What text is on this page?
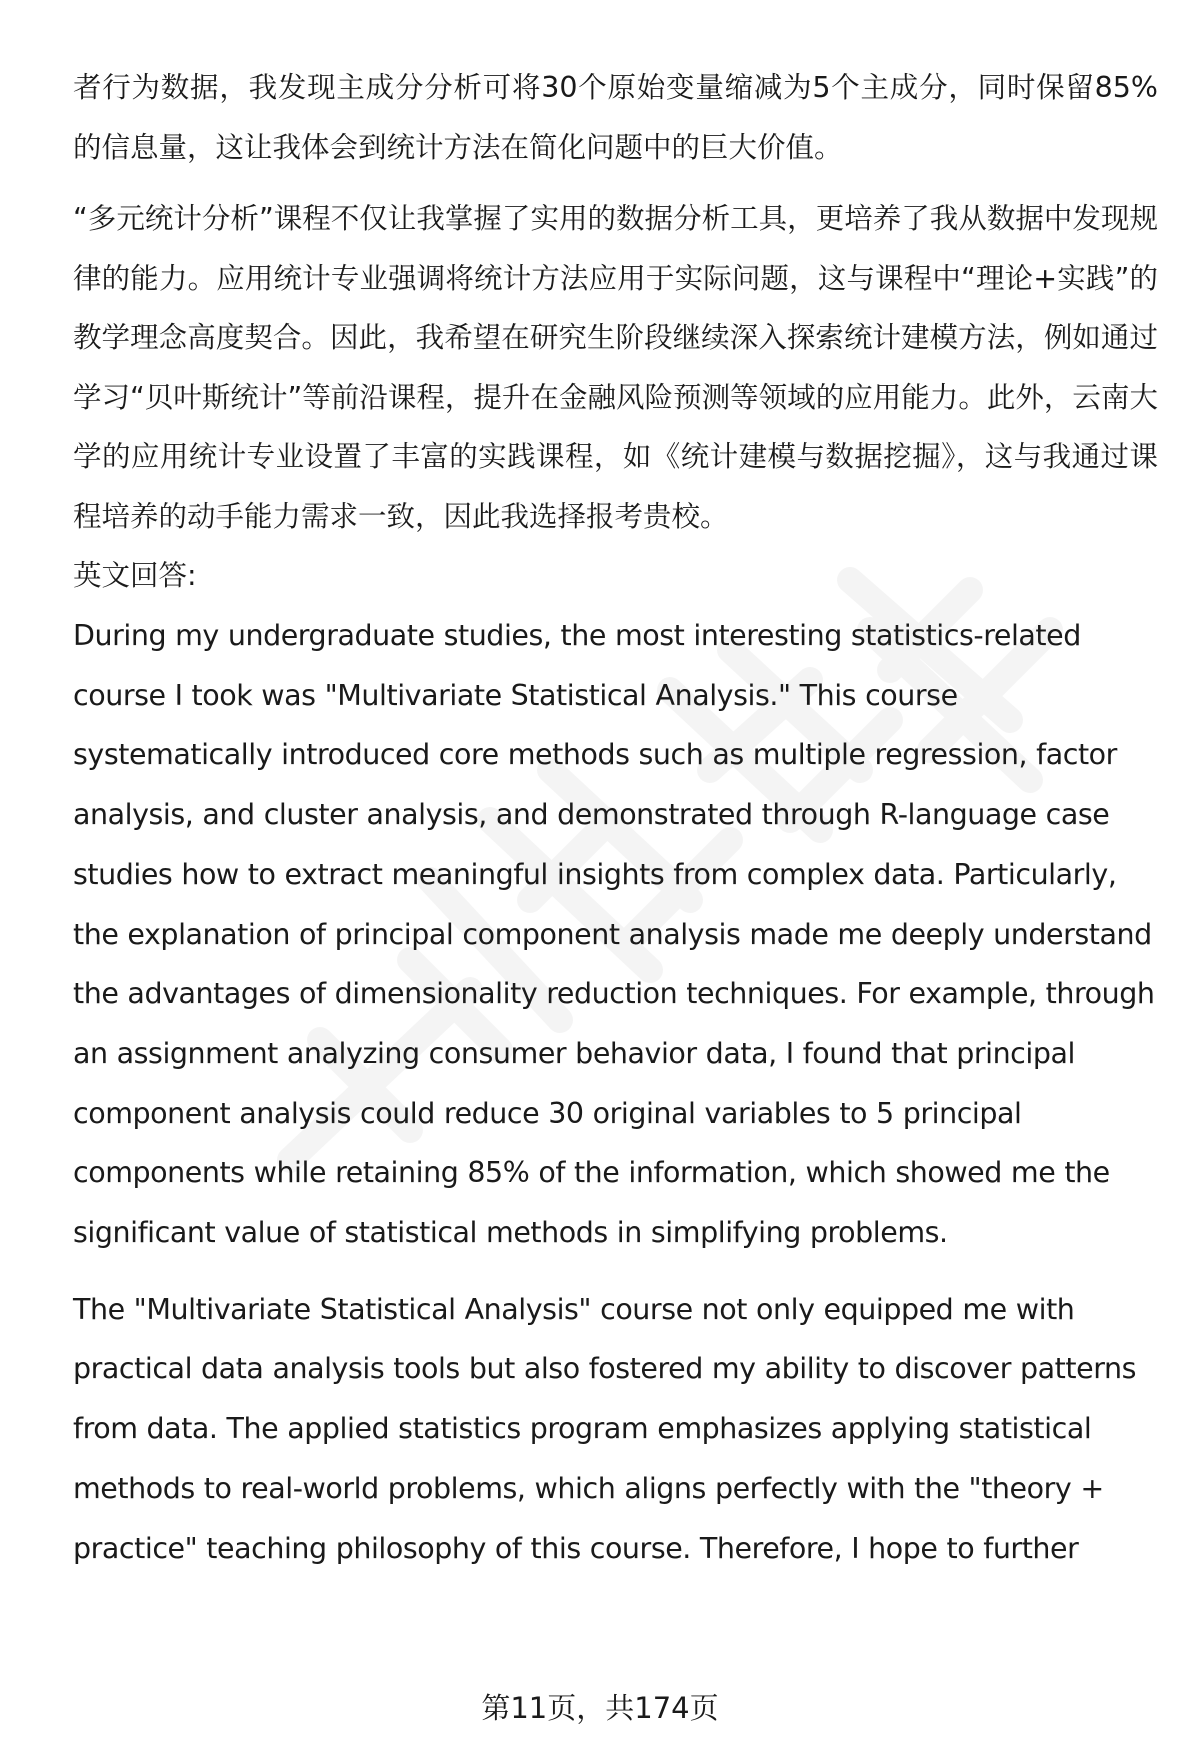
者行为数据，我发现主成分分析可将30个原始变量缩减为5个主成分，同时保留85%的信息量，这让我体会到统计方法在简化问题中的巨大价值。

“多元统计分析”课程不仅让我掌握了实用的数据分析工具，更培养了我从数据中发现规律的能力。应用统计专业强调将统计方法应用于实际问题，这与课程中“理论+实践”的教学理念高度契合。因此，我希望在研究生阶段继续深入探索统计建模方法，例如通过学习“贝叶斯统计”等前沿课程，提升在金融风险预测等领域的应用能力。此外，云南大学的应用统计专业设置了丰富的实践课程，如《统计建模与数据挖掘》，这与我通过课程培养的动手能力需求一致，因此我选择报考贵校。

英文回答:

During my undergraduate studies, the most interesting statistics-related course I took was "Multivariate Statistical Analysis." This course systematically introduced core methods such as multiple regression, factor analysis, and cluster analysis, and demonstrated through R-language case studies how to extract meaningful insights from complex data. Particularly, the explanation of principal component analysis made me deeply understand the advantages of dimensionality reduction techniques. For example, through an assignment analyzing consumer behavior data, I found that principal component analysis could reduce 30 original variables to 5 principal components while retaining 85% of the information, which showed me the significant value of statistical methods in simplifying problems.

The "Multivariate Statistical Analysis" course not only equipped me with practical data analysis tools but also fostered my ability to discover patterns from data. The applied statistics program emphasizes applying statistical methods to real-world problems, which aligns perfectly with the "theory + practice" teaching philosophy of this course. Therefore, I hope to further

第11页，共174页
